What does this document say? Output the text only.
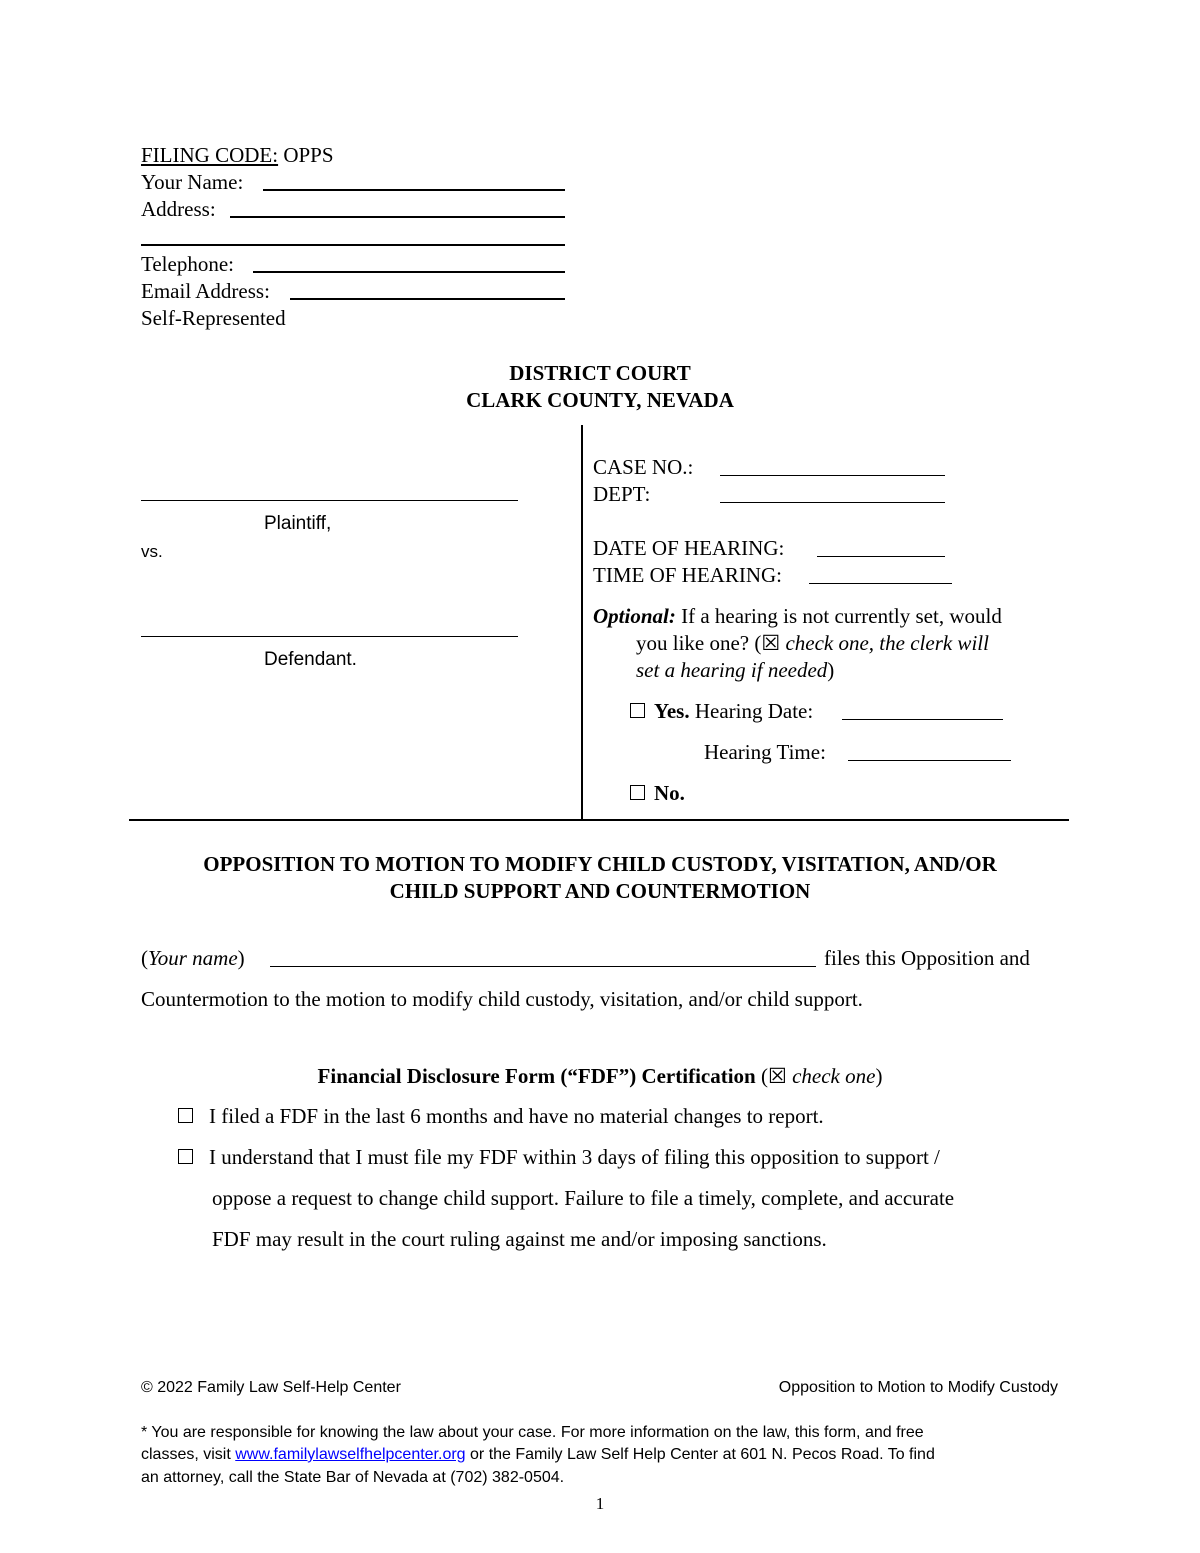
FILING CODE: OPPS
Your Name:
Address:
Telephone:
Email Address:
Self-Represented
DISTRICT COURT
CLARK COUNTY, NEVADA
Plaintiff,
vs.
Defendant.
CASE NO.:
DEPT:
DATE OF HEARING:
TIME OF HEARING:
Optional: If a hearing is not currently set, would
you like one? (☒ check one, the clerk will
set a hearing if needed)
Yes. Hearing Date:
Hearing Time:
No.
OPPOSITION TO MOTION TO MODIFY CHILD CUSTODY, VISITATION, AND/OR
CHILD SUPPORT AND COUNTERMOTION
(Your name)	files this Opposition and
Countermotion to the motion to modify child custody, visitation, and/or child support.
Financial Disclosure Form (“FDF”) Certification (☒ check one)
I filed a FDF in the last 6 months and have no material changes to report.
I understand that I must file my FDF within 3 days of filing this opposition to support /
oppose a request to change child support. Failure to file a timely, complete, and accurate
FDF may result in the court ruling against me and/or imposing sanctions.
© 2022 Family Law Self-Help Center	Opposition to Motion to Modify Custody
* You are responsible for knowing the law about your case. For more information on the law, this form, and free
classes, visit www.familylawselfhelpcenter.org or the Family Law Self Help Center at 601 N. Pecos Road. To find
an attorney, call the State Bar of Nevada at (702) 382-0504.
1
